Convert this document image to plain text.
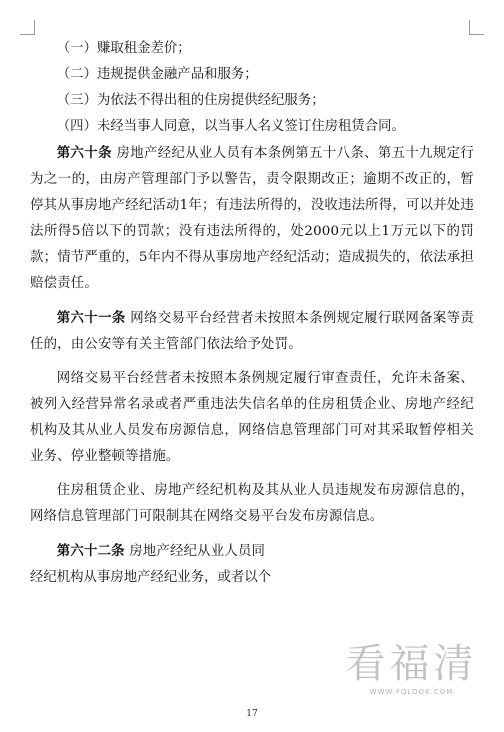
（一）赚取租金差价；

（二）违规提供金融产品和服务；

（三）为依法不得出租的住房提供经纪服务；

（四）未经当事人同意，以当事人名义签订住房租赁合同。

第六十条 房地产经纪从业人员有本条例第五十八条、第五十九规定行为之一的，由房产管理部门予以警告，责令限期改正；逾期不改正的，暂停其从事房地产经纪活动1年；有违法所得的，没收违法所得，可以并处违法所得5倍以下的罚款；没有违法所得的，处2000元以上1万元以下的罚款；情节严重的，5年内不得从事房地产经纪活动；造成损失的，依法承担赔偿责任。

第六十一条 网络交易平台经营者未按照本条例规定履行联网备案等责任的，由公安等有关主管部门依法给予处罚。

网络交易平台经营者未按照本条例规定履行审查责任，允许未备案、被列入经营异常名录或者严重违法失信名单的住房租赁企业、房地产经纪机构及其从业人员发布房源信息，网络信息管理部门可对其采取暂停相关业务、停业整顿等措施。

住房租赁企业、房地产经纪机构及其从业人员违规发布房源信息的，网络信息管理部门可限制其在网络交易平台发布房源信息。

第六十二条 房地产经纪从业人员同

经纪机构从事房地产经纪业务，或者以个

17
看福清
WWW.FQLOOK.COM
